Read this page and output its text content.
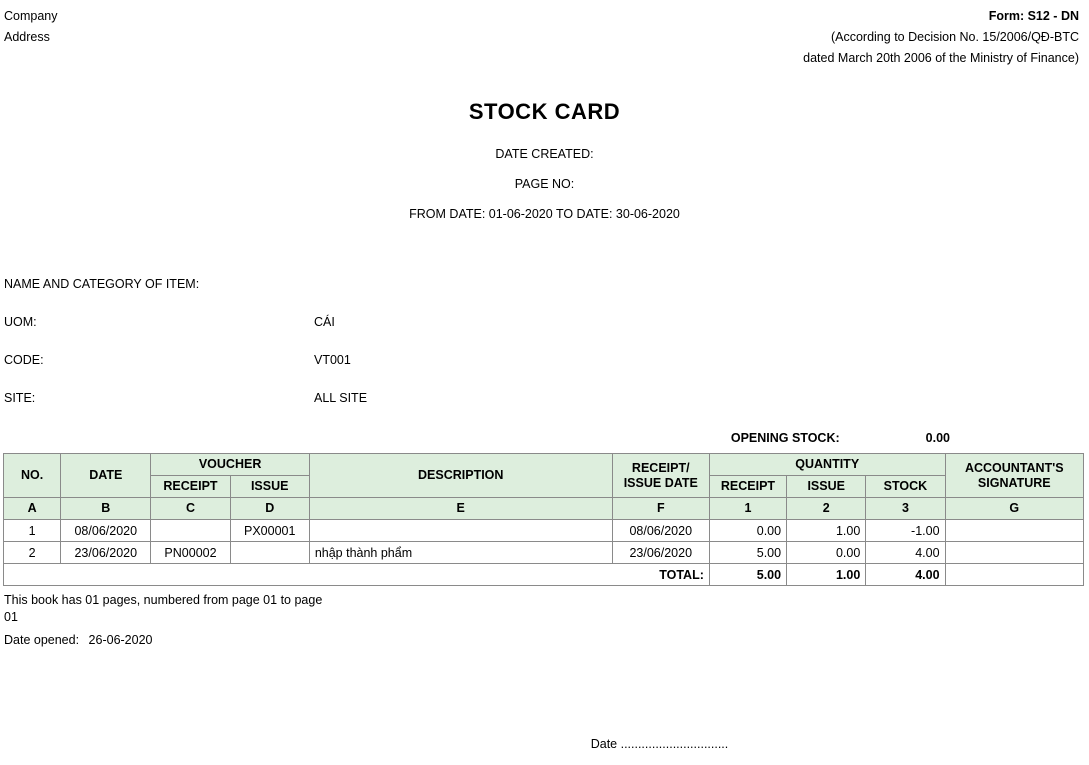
Company	Form: S12 - DN
Address	(According to Decision No. 15/2006/QĐ-BTC
dated March 20th 2006 of the Ministry of Finance)
STOCK CARD
DATE CREATED:
PAGE NO:
FROM DATE: 01-06-2020 TO DATE: 30-06-2020
NAME AND CATEGORY OF ITEM:
UOM:	CÁI
CODE:	VT001
SITE:	ALL SITE
OPENING STOCK:	0.00
NO.	DATE	VOUCHER		DESCRIPTION	RECEIPT/ ISSUE DATE	QUANTITY			ACCOUNTANT'S SIGNATURE
		RECEIPT	ISSUE			RECEIPT	ISSUE	STOCK	
A	B	C	D	E	F	1	2	3	G
1	08/06/2020		PX00001		08/06/2020	0.00	1.00	-1.00	
2	23/06/2020	PN00002		nhập thành phẩm	23/06/2020	5.00	0.00	4.00	
TOTAL:						5.00	1.00	4.00	
This book has 01 pages, numbered from page 01 to page 01
Date opened: 26-06-2020
Date ...............................
